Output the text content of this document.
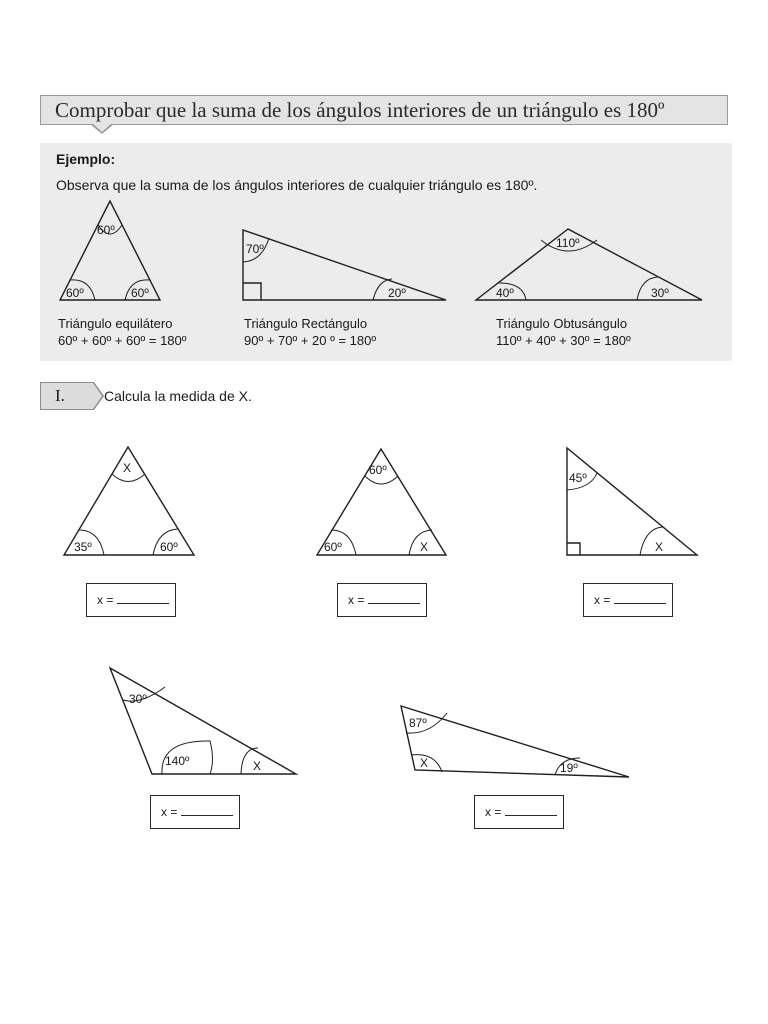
Comprobar que la suma de los ángulos interiores de un triángulo es 180º
Ejemplo:
Observa que la suma de los ángulos interiores de cualquier triángulo es 180º.
Triángulo equilátero
60º + 60º + 60º = 180º
Triángulo Rectángulo
90º + 70º + 20 º = 180º
Triángulo Obtusángulo
110º + 40º + 30º = 180º
I.	Calcula la medida de X.
60º
60º	60º
70º
20º
110º
40º	30º
X
35º	60º
60º
60º	X
45º
X
30º
140º	X
87º
X	19º
x =	x =	x =
x =	x =
